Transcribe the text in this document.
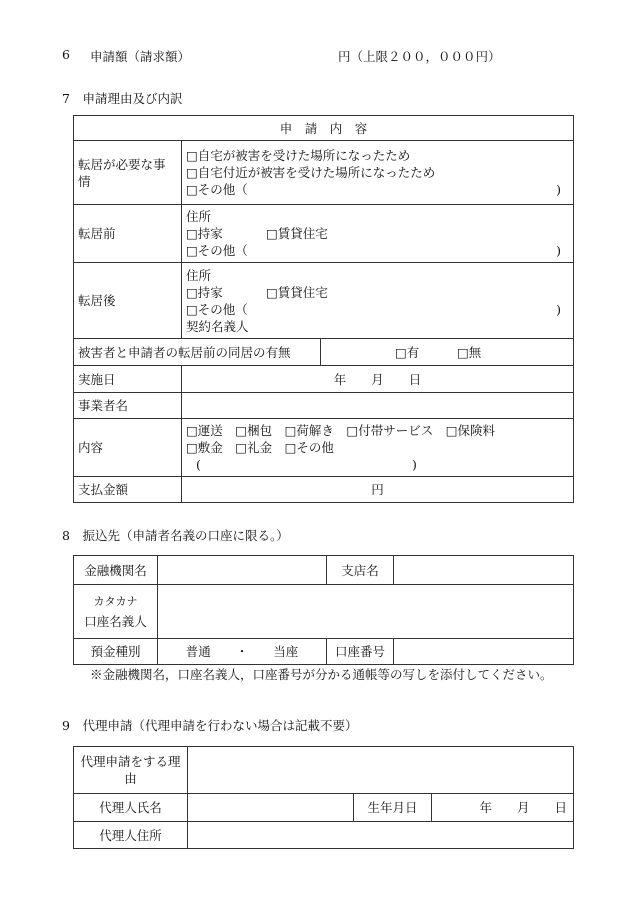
6 申請額（請求額）	円（上限２００，０００円）
7　申請理由及び内訳
申　請　内　容		
転居が必要な事情	□自宅が被害を受けた場所になったため
□自宅付近が被害を受けた場所になったため
□その他（ )	

転居前	住所
□持家 □賃貸住宅
□その他（ )	

転居後	住所
□持家 □賃貸住宅
□その他（ )
契約名義人	

被害者と申請者の転居前の同居の有無		□有 □無
実施日	年　　月　　日	
事業者名		
内容	□運送　□梱包　□荷解き　□付帯サービス　□保険料
□敷金　□礼金　□その他
( )	

支払金額	円	
8　振込先（申請者名義の口座に限る。）
金融機関名		支店名	

カタカナ
口座名義人			

預金種別	普通　　・　　当座	口座番号	
※金融機関名，口座名義人，口座番号が分かる通帳等の写しを添付してください。
9　代理申請（代理申請を行わない場合は記載不要）
代理申請をする理由			
代理人氏名		生年月日	年　　月　　日
代理人住所			
